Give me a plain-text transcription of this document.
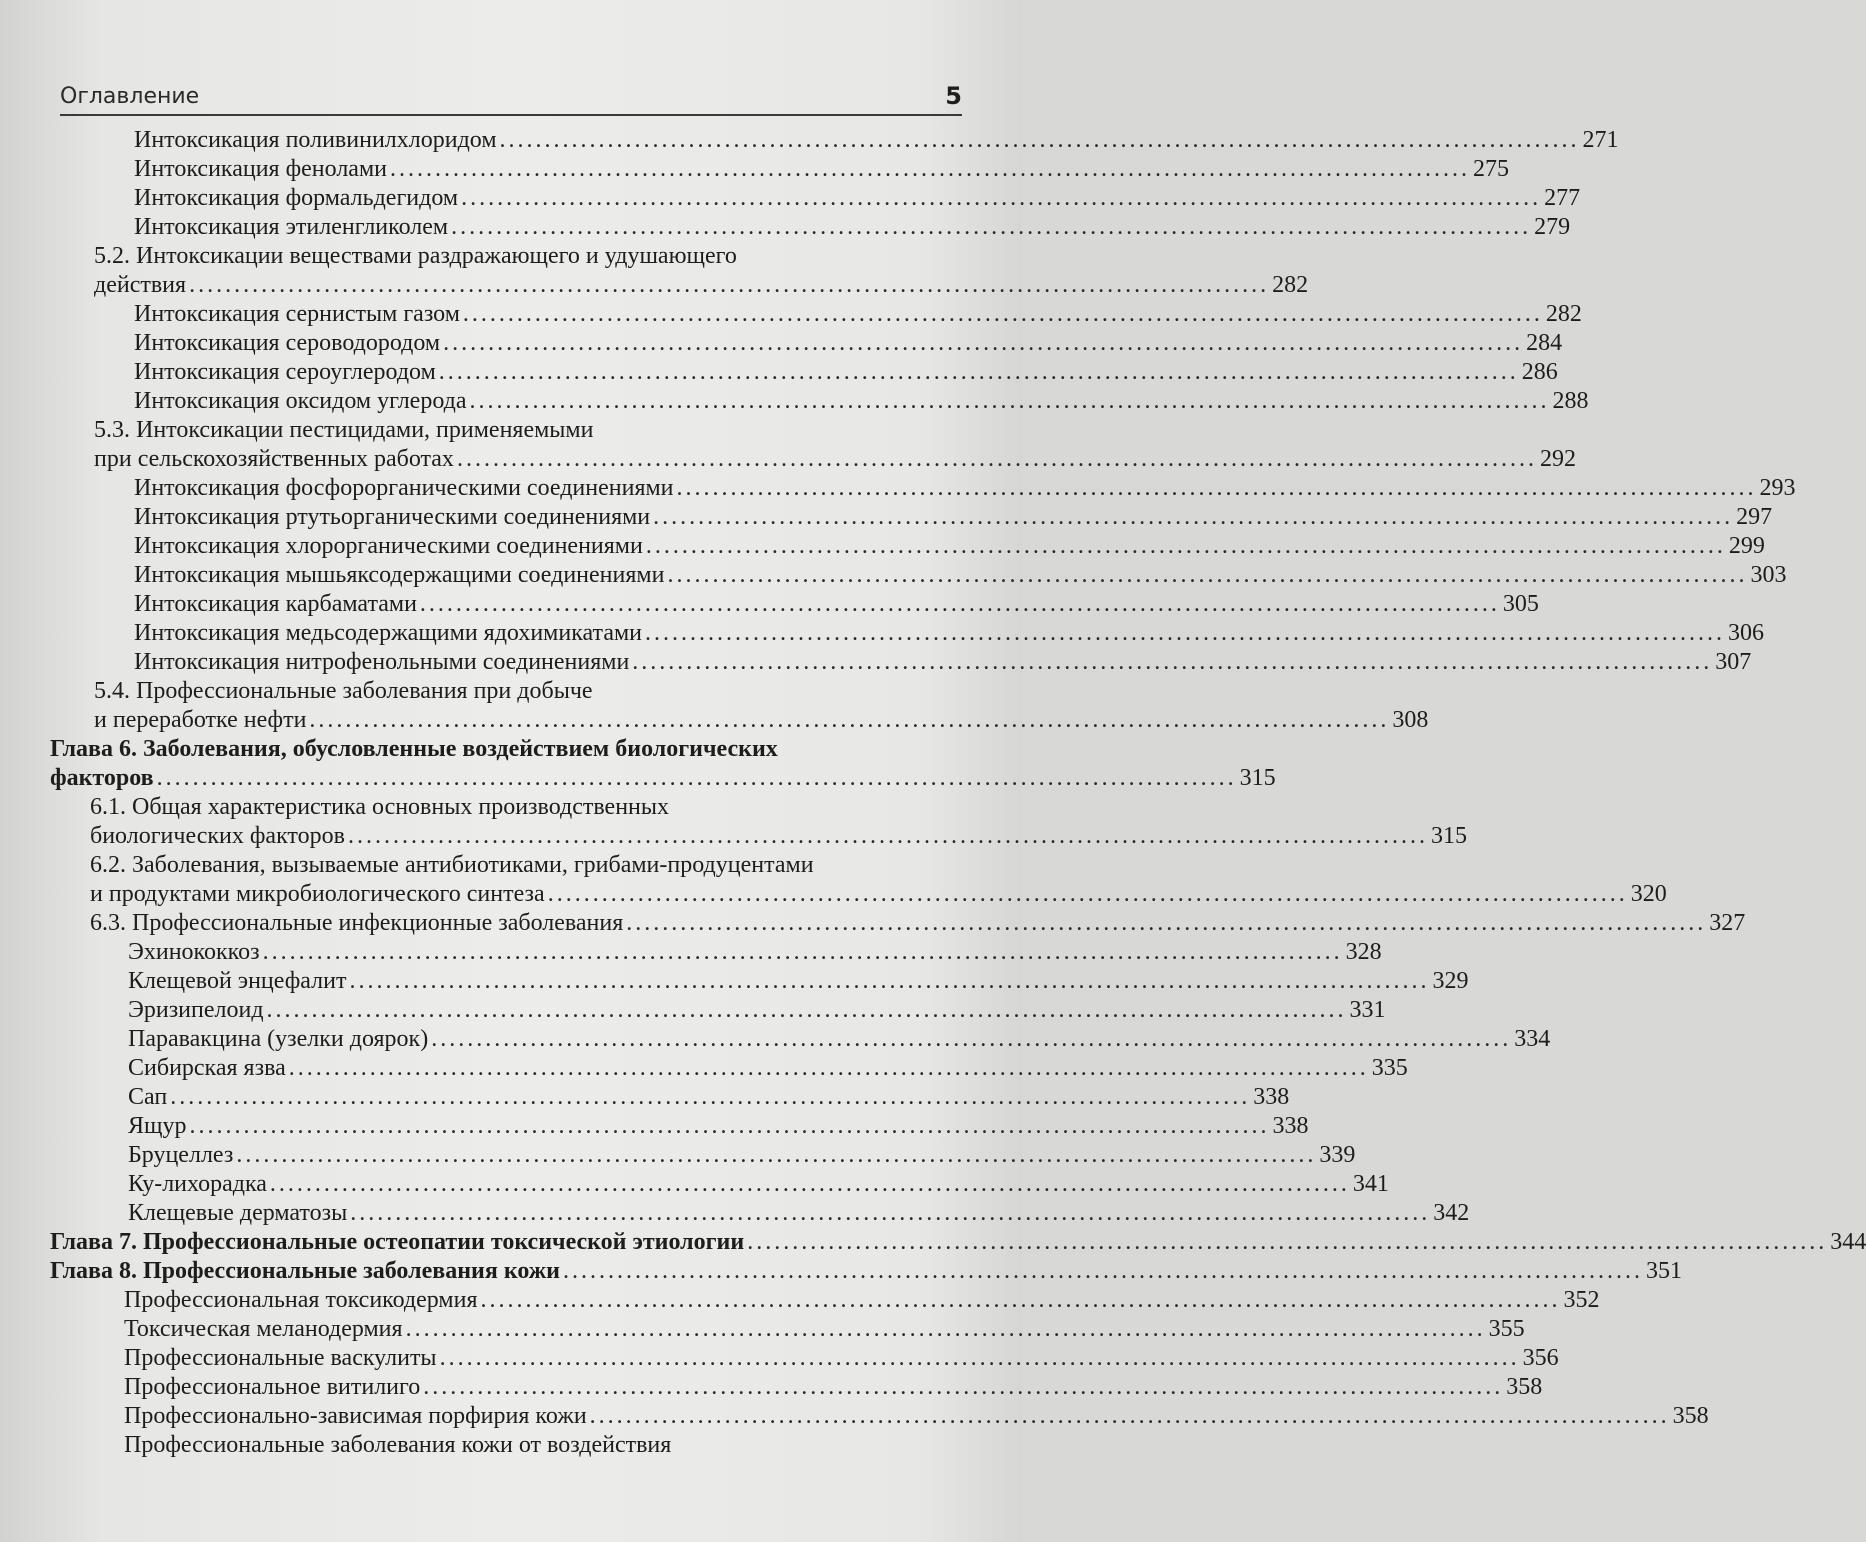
Оглавление	5
Интоксикация поливинилхлоридом ........................................................................................................................ 271
Интоксикация фенолами ........................................................................................................................ 275
Интоксикация формальдегидом ........................................................................................................................ 277
Интоксикация этиленгликолем ........................................................................................................................ 279
5.2. Интоксикации веществами раздражающего и удушающего
действия ........................................................................................................................ 282
Интоксикация сернистым газом ........................................................................................................................ 282
Интоксикация сероводородом ........................................................................................................................ 284
Интоксикация сероуглеродом ........................................................................................................................ 286
Интоксикация оксидом углерода ........................................................................................................................ 288
5.3. Интоксикации пестицидами, применяемыми
при сельскохозяйственных работах ........................................................................................................................ 292
Интоксикация фосфорорганическими соединениями ........................................................................................................................ 293
Интоксикация ртутьорганическими соединениями ........................................................................................................................ 297
Интоксикация хлорорганическими соединениями ........................................................................................................................ 299
Интоксикация мышьяксодержащими соединениями ........................................................................................................................ 303
Интоксикация карбаматами ........................................................................................................................ 305
Интоксикация медьсодержащими ядохимикатами ........................................................................................................................ 306
Интоксикация нитрофенольными соединениями ........................................................................................................................ 307
5.4. Профессиональные заболевания при добыче
и переработке нефти ........................................................................................................................ 308
Глава 6. Заболевания, обусловленные воздействием биологических
факторов ........................................................................................................................ 315
6.1. Общая характеристика основных производственных
биологических факторов ........................................................................................................................ 315
6.2. Заболевания, вызываемые антибиотиками, грибами-продуцентами
и продуктами микробиологического синтеза ........................................................................................................................ 320
6.3. Профессиональные инфекционные заболевания ........................................................................................................................ 327
Эхинококкоз ........................................................................................................................ 328
Клещевой энцефалит ........................................................................................................................ 329
Эризипелоид ........................................................................................................................ 331
Паравакцина (узелки доярок) ........................................................................................................................ 334
Сибирская язва ........................................................................................................................ 335
Сап ........................................................................................................................ 338
Ящур ........................................................................................................................ 338
Бруцеллез ........................................................................................................................ 339
Ку-лихорадка ........................................................................................................................ 341
Клещевые дерматозы ........................................................................................................................ 342
Глава 7. Профессиональные остеопатии токсической этиологии ........................................................................................................................ 344
Глава 8. Профессиональные заболевания кожи ........................................................................................................................ 351
Профессиональная токсикодермия ........................................................................................................................ 352
Токсическая меланодермия ........................................................................................................................ 355
Профессиональные васкулиты ........................................................................................................................ 356
Профессиональное витилиго ........................................................................................................................ 358
Профессионально-зависимая порфирия кожи ........................................................................................................................ 358
Профессиональные заболевания кожи от воздействия
